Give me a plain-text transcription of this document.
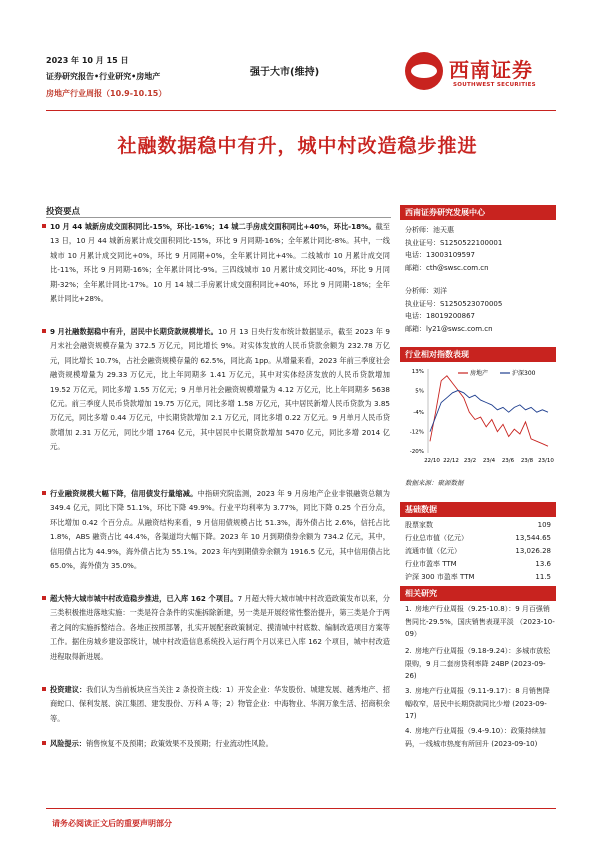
2023 年 10 月 15 日
证券研究报告•行业研究•房地产
房地产行业周报（10.9-10.15）
强于大市(维持)	西南证券
SOUTHWEST SECURITIES
社融数据稳中有升，城中村改造稳步推进
投资要点
10 月 44 城新房成交面积同比-15%，环比-16%；14 城二手房成交面积同比+40%，环比-18%。截至 13 日，10 月 44 城新房累计成交面积同比-15%，环比 9 月同期-16%；全年累计同比-8%。其中，一线城市 10 月累计成交同比+0%，环比 9 月同期+0%，全年累计同比+4%。二线城市 10 月累计成交同比-11%，环比 9 月同期-16%；全年累计同比-9%。三四线城市 10 月累计成交同比-40%，环比 9 月同期-32%；全年累计同比-17%。10 月 14 城二手房累计成交面积同比+40%，环比 9 月同期-18%；全年累计同比+28%。
9 月社融数据稳中有升，居民中长期贷款规模增长。10 月 13 日央行发布统计数据显示，截至 2023 年 9 月末社会融资规模存量为 372.5 万亿元，同比增长 9%。对实体发放的人民币贷款余额为 232.78 万亿元，同比增长 10.7%，占社会融资规模存量的 62.5%，同比高 1pp。从增量来看，2023 年前三季度社会融资规模增量为 29.33 万亿元，比上年同期多 1.41 万亿元，其中对实体经济发放的人民币贷款增加 19.52 万亿元，同比多增 1.55 万亿元；9 月单月社会融资规模增量为 4.12 万亿元，比上年同期多 5638 亿元。前三季度人民币贷款增加 19.75 万亿元，同比多增 1.58 万亿元，其中居民新增人民币贷款为 3.85 万亿元，同比多增 0.44 万亿元，中长期贷款增加 2.1 万亿元，同比多增 0.22 万亿元。9 月单月人民币贷款增加 2.31 万亿元，同比少增 1764 亿元，其中居民中长期贷款增加 5470 亿元，同比多增 2014 亿元。
行业融资规模大幅下降，信用债发行量缩减。中指研究院监测，2023 年 9 月房地产企业非银融资总额为 349.4 亿元，同比下降 51.1%，环比下降 49.9%。行业平均利率为 3.77%，同比下降 0.25 个百分点，环比增加 0.42 个百分点。从融资结构来看，9 月信用债规模占比 51.3%，海外债占比 2.6%，信托占比 1.8%，ABS 融资占比 44.4%，各渠道均大幅下降。2023 年 10 月到期债券余额为 734.2 亿元，其中，信用债占比为 44.9%，海外债占比为 55.1%。2023 年内到期债券余额为 1916.5 亿元，其中信用债占比 65.0%，海外债为 35.0%。
超大特大城市城中村改造稳步推进，已入库 162 个项目。7 月超大特大城市城中村改造政策发布以来，分三类积极推进落地实施：一类是符合条件的实施拆除新建，另一类是开展经常性整治提升，第三类是介于两者之间的实施拆整结合。各地正按照部署，扎实开展配套政策制定、摸清城中村底数、编制改造项目方案等工作。据住房城乡建设部统计，城中村改造信息系统投入运行两个月以来已入库 162 个项目，城中村改造进程取得新进展。
投资建议：我们认为当前板块应当关注 2 条投资主线：1）开发企业：华发股份、城建发展、越秀地产、招商蛇口、保利发展、滨江集团、建发股份、万科 A 等；2）物管企业：中海物业、华润万象生活、招商积余等。
风险提示：销售恢复不及预期；政策效果不及预期；行业流动性风险。
西南证券研究发展中心
分析师：池天惠
执业证号：S1250522100001
电话：13003109597
邮箱：cth@swsc.com.cn
分析师：刘洋
执业证号：S1250523070005
电话：18019200867
邮箱：ly21@swsc.com.cn
行业相对指数表现
13%
5%
-4%
-12%
-20%
22/10 22/12 23/2 23/4 23/6 23/8 23/10
房地产	沪深300
数据来源：聚源数据
基础数据
股票家数	109
行业总市值（亿元）	13,544.65
流通市值（亿元）	13,026.28
行业市盈率 TTM	13.6
沪深 300 市盈率 TTM	11.5
相关研究
1. 房地产行业周报（9.25-10.8）：9 月百强销售同比-29.5%，国庆销售表现平淡 （2023-10-09）
2. 房地产行业周报（9.18-9.24）：多城市放松限购，9 月二套房贷利率降 24BP (2023-09-26)
3. 房地产行业周报（9.11-9.17）：8 月销售降幅收窄，居民中长期贷款同比少增 (2023-09-17)
4. 房地产行业周报（9.4-9.10）：政策持续加码，一线城市热度有所回升 (2023-09-10)
请务必阅读正文后的重要声明部分
